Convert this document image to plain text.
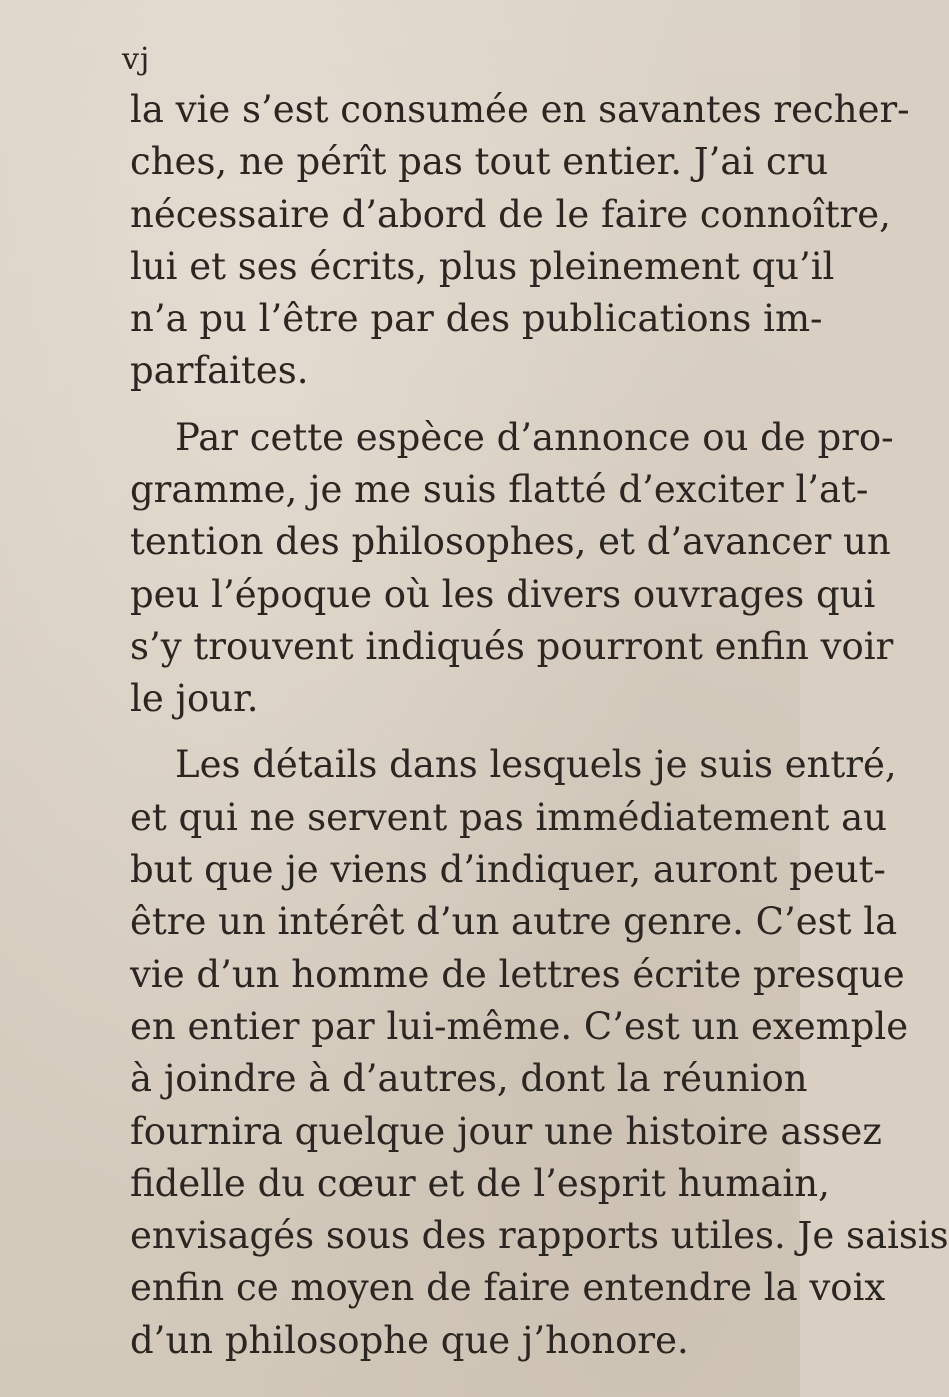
vj
la vie s’est consumée en savantes recher-
ches, ne pérît pas tout entier. J’ai cru
nécessaire d’abord de le faire connoître,
lui et ses écrits, plus pleinement qu’il
n’a pu l’être par des publications im-
parfaites.
Par cette espèce d’annonce ou de pro-
gramme, je me suis flatté d’exciter l’at-
tention des philosophes, et d’avancer un
peu l’époque où les divers ouvrages qui
s’y trouvent indiqués pourront enfin voir
le jour.
Les détails dans lesquels je suis entré,
et qui ne servent pas immédiatement au
but que je viens d’indiquer, auront peut-
être un intérêt d’un autre genre. C’est la
vie d’un homme de lettres écrite presque
en entier par lui-même. C’est un exemple
à joindre à d’autres, dont la réunion
fournira quelque jour une histoire assez
fidelle du cœur et de l’esprit humain,
envisagés sous des rapports utiles. Je saisis
enfin ce moyen de faire entendre la voix
d’un philosophe que j’honore.
